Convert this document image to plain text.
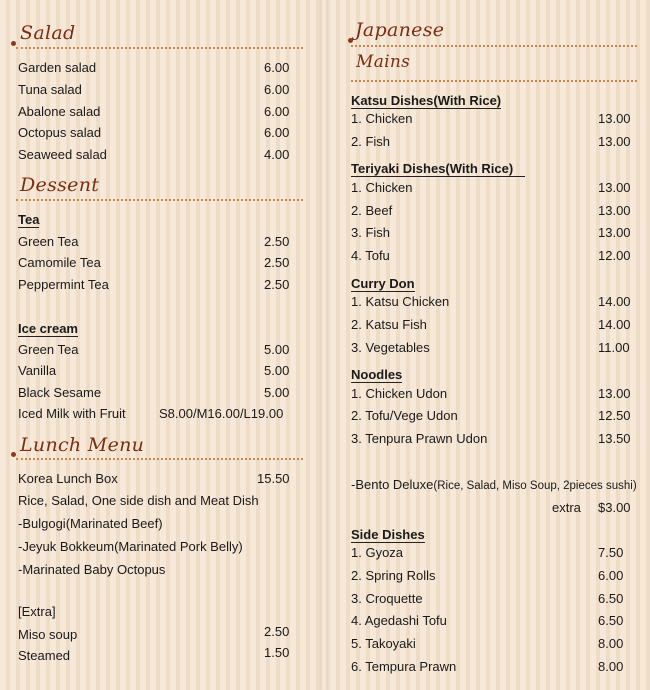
Salad
Garden salad	6.00
Tuna salad	6.00
Abalone salad	6.00
Octopus salad	6.00
Seaweed salad	4.00
Dessent
Tea
Green Tea	2.50
Camomile Tea	2.50
Peppermint Tea	2.50
Ice cream
Green Tea	5.00
Vanilla	5.00
Black Sesame	5.00
Iced Milk with Fruit	S8.00/M16.00/L19.00
Lunch Menu
Korea Lunch Box	15.50
Rice, Salad, One side dish and Meat Dish
-Bulgogi(Marinated Beef)
-Jeyuk Bokkeum(Marinated Pork Belly)
-Marinated Baby Octopus
[Extra]
Miso soup	2.50
Steamed	1.50
Japanese
Mains
Katsu Dishes(With Rice)
1. Chicken	13.00
2. Fish	13.00
Teriyaki Dishes(With Rice)
1. Chicken	13.00
2. Beef	13.00
3. Fish	13.00
4. Tofu	12.00
Curry Don
1. Katsu Chicken	14.00
2. Katsu Fish	14.00
3. Vegetables	11.00
Noodles
1. Chicken Udon	13.00
2. Tofu/Vege Udon	12.50
3. Tenpura Prawn Udon	13.50
-Bento Deluxe(Rice, Salad, Miso Soup, 2pieces sushi)
extra $3.00
Side Dishes
1. Gyoza	7.50
2. Spring Rolls	6.00
3. Croquette	6.50
4. Agedashi Tofu	6.50
5. Takoyaki	8.00
6. Tempura Prawn	8.00
